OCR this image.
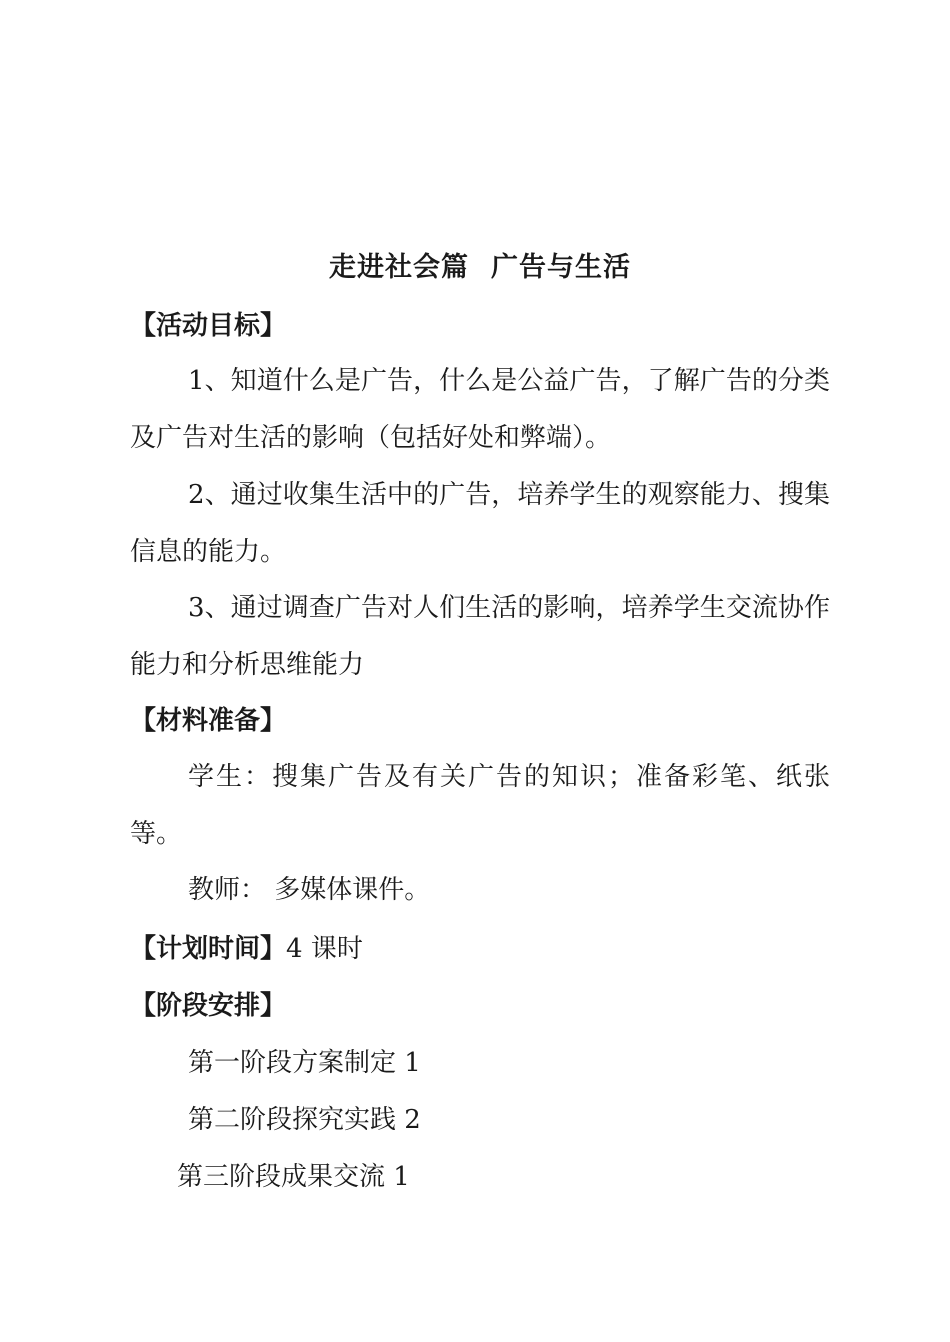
走进社会篇 广告与生活
【活动目标】
1、知道什么是广告，什么是公益广告，了解广告的分类及广告对生活的影响（包括好处和弊端）。
2、通过收集生活中的广告，培养学生的观察能力、搜集信息的能力。
3、通过调查广告对人们生活的影响，培养学生交流协作能力和分析思维能力
【材料准备】
学生：搜集广告及有关广告的知识；准备彩笔、纸张等。
教师： 多媒体课件。
【计划时间】4 课时
【阶段安排】
第一阶段方案制定 1
第二阶段探究实践 2
第三阶段成果交流 1
